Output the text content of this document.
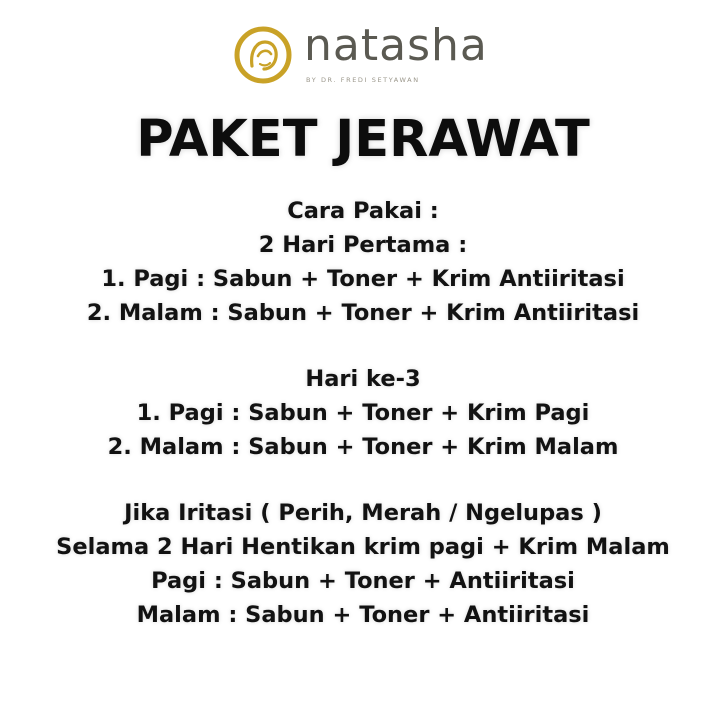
natasha
BY DR. FREDI SETYAWAN
PAKET JERAWAT
Cara Pakai :
2 Hari Pertama :
1. Pagi : Sabun + Toner + Krim Antiiritasi
2. Malam : Sabun + Toner + Krim Antiiritasi
Hari ke-3
1. Pagi : Sabun + Toner + Krim Pagi
2. Malam : Sabun + Toner + Krim Malam
Jika Iritasi ( Perih, Merah / Ngelupas )
Selama 2 Hari Hentikan krim pagi + Krim Malam
Pagi : Sabun + Toner + Antiiritasi
Malam : Sabun + Toner + Antiiritasi
